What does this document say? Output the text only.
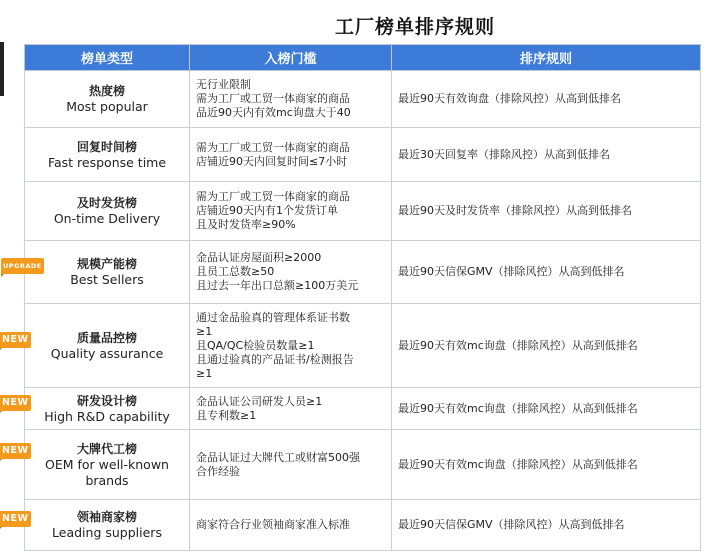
工厂榜单排序规则
榜单类型	入榜门槛	排序规则

热度榜
Most popular	无行业限制
需为工厂或工贸一体商家的商品
品近90天内有效mc询盘大于40	最近90天有效询盘（排除风控）从高到低排名

回复时间榜
Fast response time	需为工厂或工贸一体商家的商品
店铺近90天内回复时间≤7小时	最近30天回复率（排除风控）从高到低排名

及时发货榜
On-time Delivery	需为工厂或工贸一体商家的商品
店铺近90天内有1个发货订单
且及时发货率≥90%	最近90天及时发货率（排除风控）从高到低排名

UPGRADE 规模产能榜
Best Sellers	金品认证房屋面积≥2000
且员工总数≥50
且过去一年出口总额≥100万美元	最近90天信保GMV（排除风控）从高到低排名

NEW 质量品控榜
Quality assurance	通过金品验真的管理体系证书数
≥1
且QA/QC检验员数量≥1
且通过验真的产品证书/检测报告
≥1	最近90天有效mc询盘（排除风控）从高到低排名

NEW 研发设计榜
High R&D capability	金品认证公司研发人员≥1
且专利数≥1	最近90天有效mc询盘（排除风控）从高到低排名

NEW 大牌代工榜
OEM for well-known brands	金品认证过大牌代工或财富500强
合作经验	最近90天有效mc询盘（排除风控）从高到低排名

NEW 领袖商家榜
Leading suppliers	商家符合行业领袖商家准入标准	最近90天信保GMV（排除风控）从高到低排名
